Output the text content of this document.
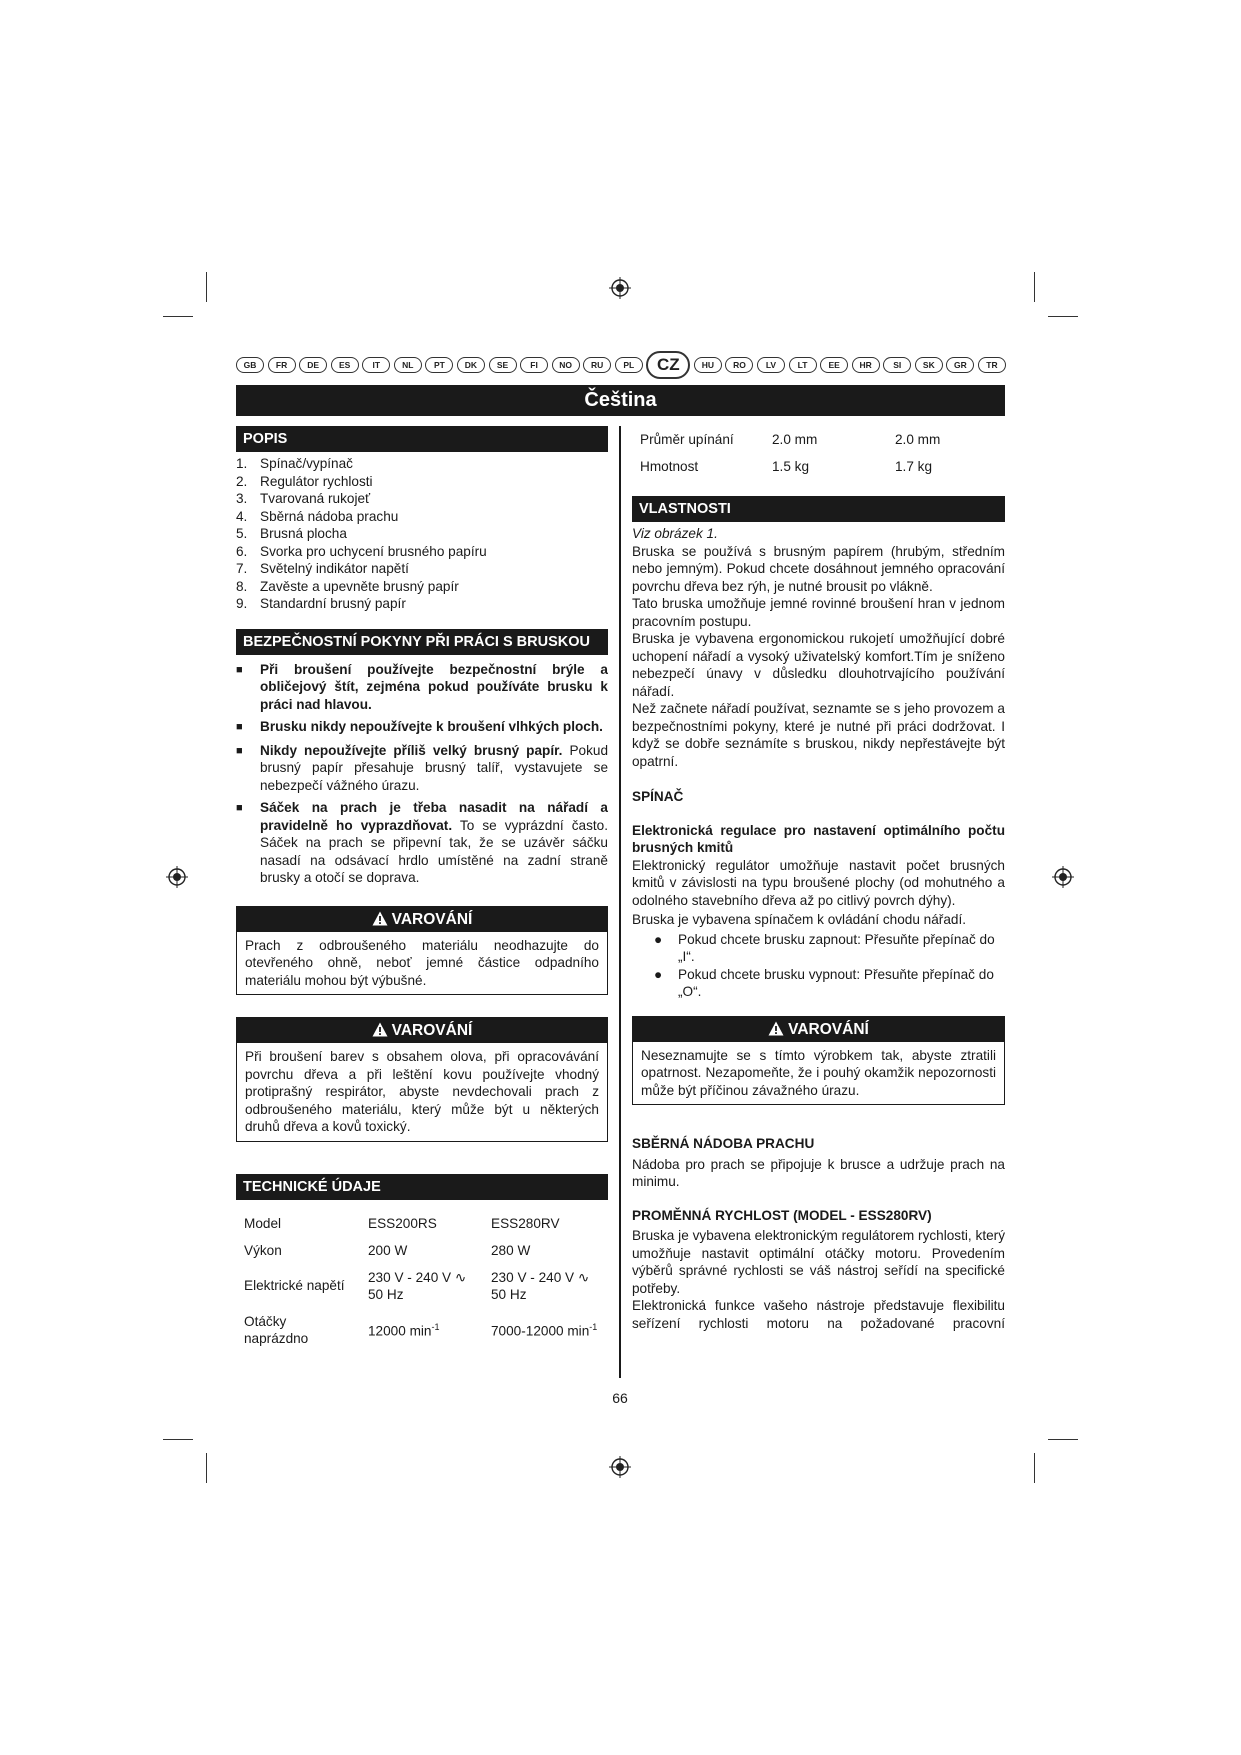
GB	FR	DE	ES	IT	NL	PT	DK	SE	FI	NO	RU	PL	CZ	HU	RO	LV	LT	EE	HR	SI	SK	GR	TR
Čeština
POPIS
1. Spínač/vypínač
2. Regulátor rychlosti
3. Tvarovaná rukojeť
4. Sběrná nádoba prachu
5. Brusná plocha
6. Svorka pro uchycení brusného papíru
7. Světelný indikátor napětí
8. Zavěste a upevněte brusný papír
9. Standardní brusný papír
BEZPEČNOSTNÍ POKYNY PŘI PRÁCI S BRUSKOU
■	Při broušení používejte bezpečnostní brýle a obličejový štít, zejména pokud používáte brusku k práci nad hlavou.
■	Brusku nikdy nepoužívejte k broušení vlhkých ploch.
■	Nikdy nepoužívejte příliš velký brusný papír. Pokud brusný papír přesahuje brusný talíř, vystavujete se nebezpečí vážného úrazu.
■	Sáček na prach je třeba nasadit na nářadí a pravidelně ho vyprazdňovat. To se vyprázdní často. Sáček na prach se připevní tak, že se uzávěr sáčku nasadí na odsávací hrdlo umístěné na zadní straně brusky a otočí se doprava.
VAROVÁNÍ
Prach z odbroušeného materiálu neodhazujte do otevřeného ohně, neboť jemné částice odpadního materiálu mohou být výbušné.
VAROVÁNÍ
Při broušení barev s obsahem olova, při opracovávání povrchu dřeva a při leštění kovu používejte vhodný protiprašný respirátor, abyste nevdechovali prach z odbroušeného materiálu, který může být u některých druhů dřeva a kovů toxický.
TECHNICKÉ ÚDAJE
Model	ESS200RS	ESS280RV
Výkon	200 W	280 W
Elektrické napětí	230 V - 240 V ∿ 50 Hz	230 V - 240 V ∿ 50 Hz
Otáčky naprázdno	12000 $\min^{-1}$	7000-12000 $\min^{-1}$
Průměr upínání	2.0 mm	2.0 mm
Hmotnost	1.5 kg	1.7 kg
VLASTNOSTI

Viz obrázek 1.

Bruska se používá s brusným papírem (hrubým, středním nebo jemným). Pokud chcete dosáhnout jemného opracování povrchu dřeva bez rýh, je nutné brousit po vlákně.

Tato bruska umožňuje jemné rovinné broušení hran v jednom pracovním postupu.

Bruska je vybavena ergonomickou rukojetí umožňující dobré uchopení nářadí a vysoký uživatelský komfort.Tím je sníženo nebezpečí únavy v důsledku dlouhotrvajícího používání nářadí.

Než začnete nářadí používat, seznamte se s jeho provozem a bezpečnostními pokyny, které je nutné při práci dodržovat. I když se dobře seznámíte s bruskou, nikdy nepřestávejte být opatrní.

SPÍNAČ

Elektronická regulace pro nastavení optimálního počtu brusných kmitů

Elektronický regulátor umožňuje nastavit počet brusných kmitů v závislosti na typu broušené plochy (od mohutného a odolného stavebního dřeva až po citlivý povrch dýhy).

Bruska je vybavena spínačem k ovládání chodu nářadí.

●	Pokud chcete brusku zapnout: Přesuňte přepínač do „I“.
●	Pokud chcete brusku vypnout: Přesuňte přepínač do „O“.
VAROVÁNÍ
Neseznamujte se s tímto výrobkem tak, abyste ztratili opatrnost. Nezapomeňte, že i pouhý okamžik nepozornosti může být příčinou závažného úrazu.

SBĚRNÁ NÁDOBA PRACHU

Nádoba pro prach se připojuje k brusce a udržuje prach na minimu.

PROMĚNNÁ RYCHLOST (MODEL - ESS280RV)

Bruska je vybavena elektronickým regulátorem rychlosti, který umožňuje nastavit optimální otáčky motoru. Provedením výběrů správné rychlosti se váš nástroj seřídí na specifické potřeby.

Elektronická funkce vašeho nástroje představuje flexibilitu seřízení rychlosti motoru na požadované pracovní

66
